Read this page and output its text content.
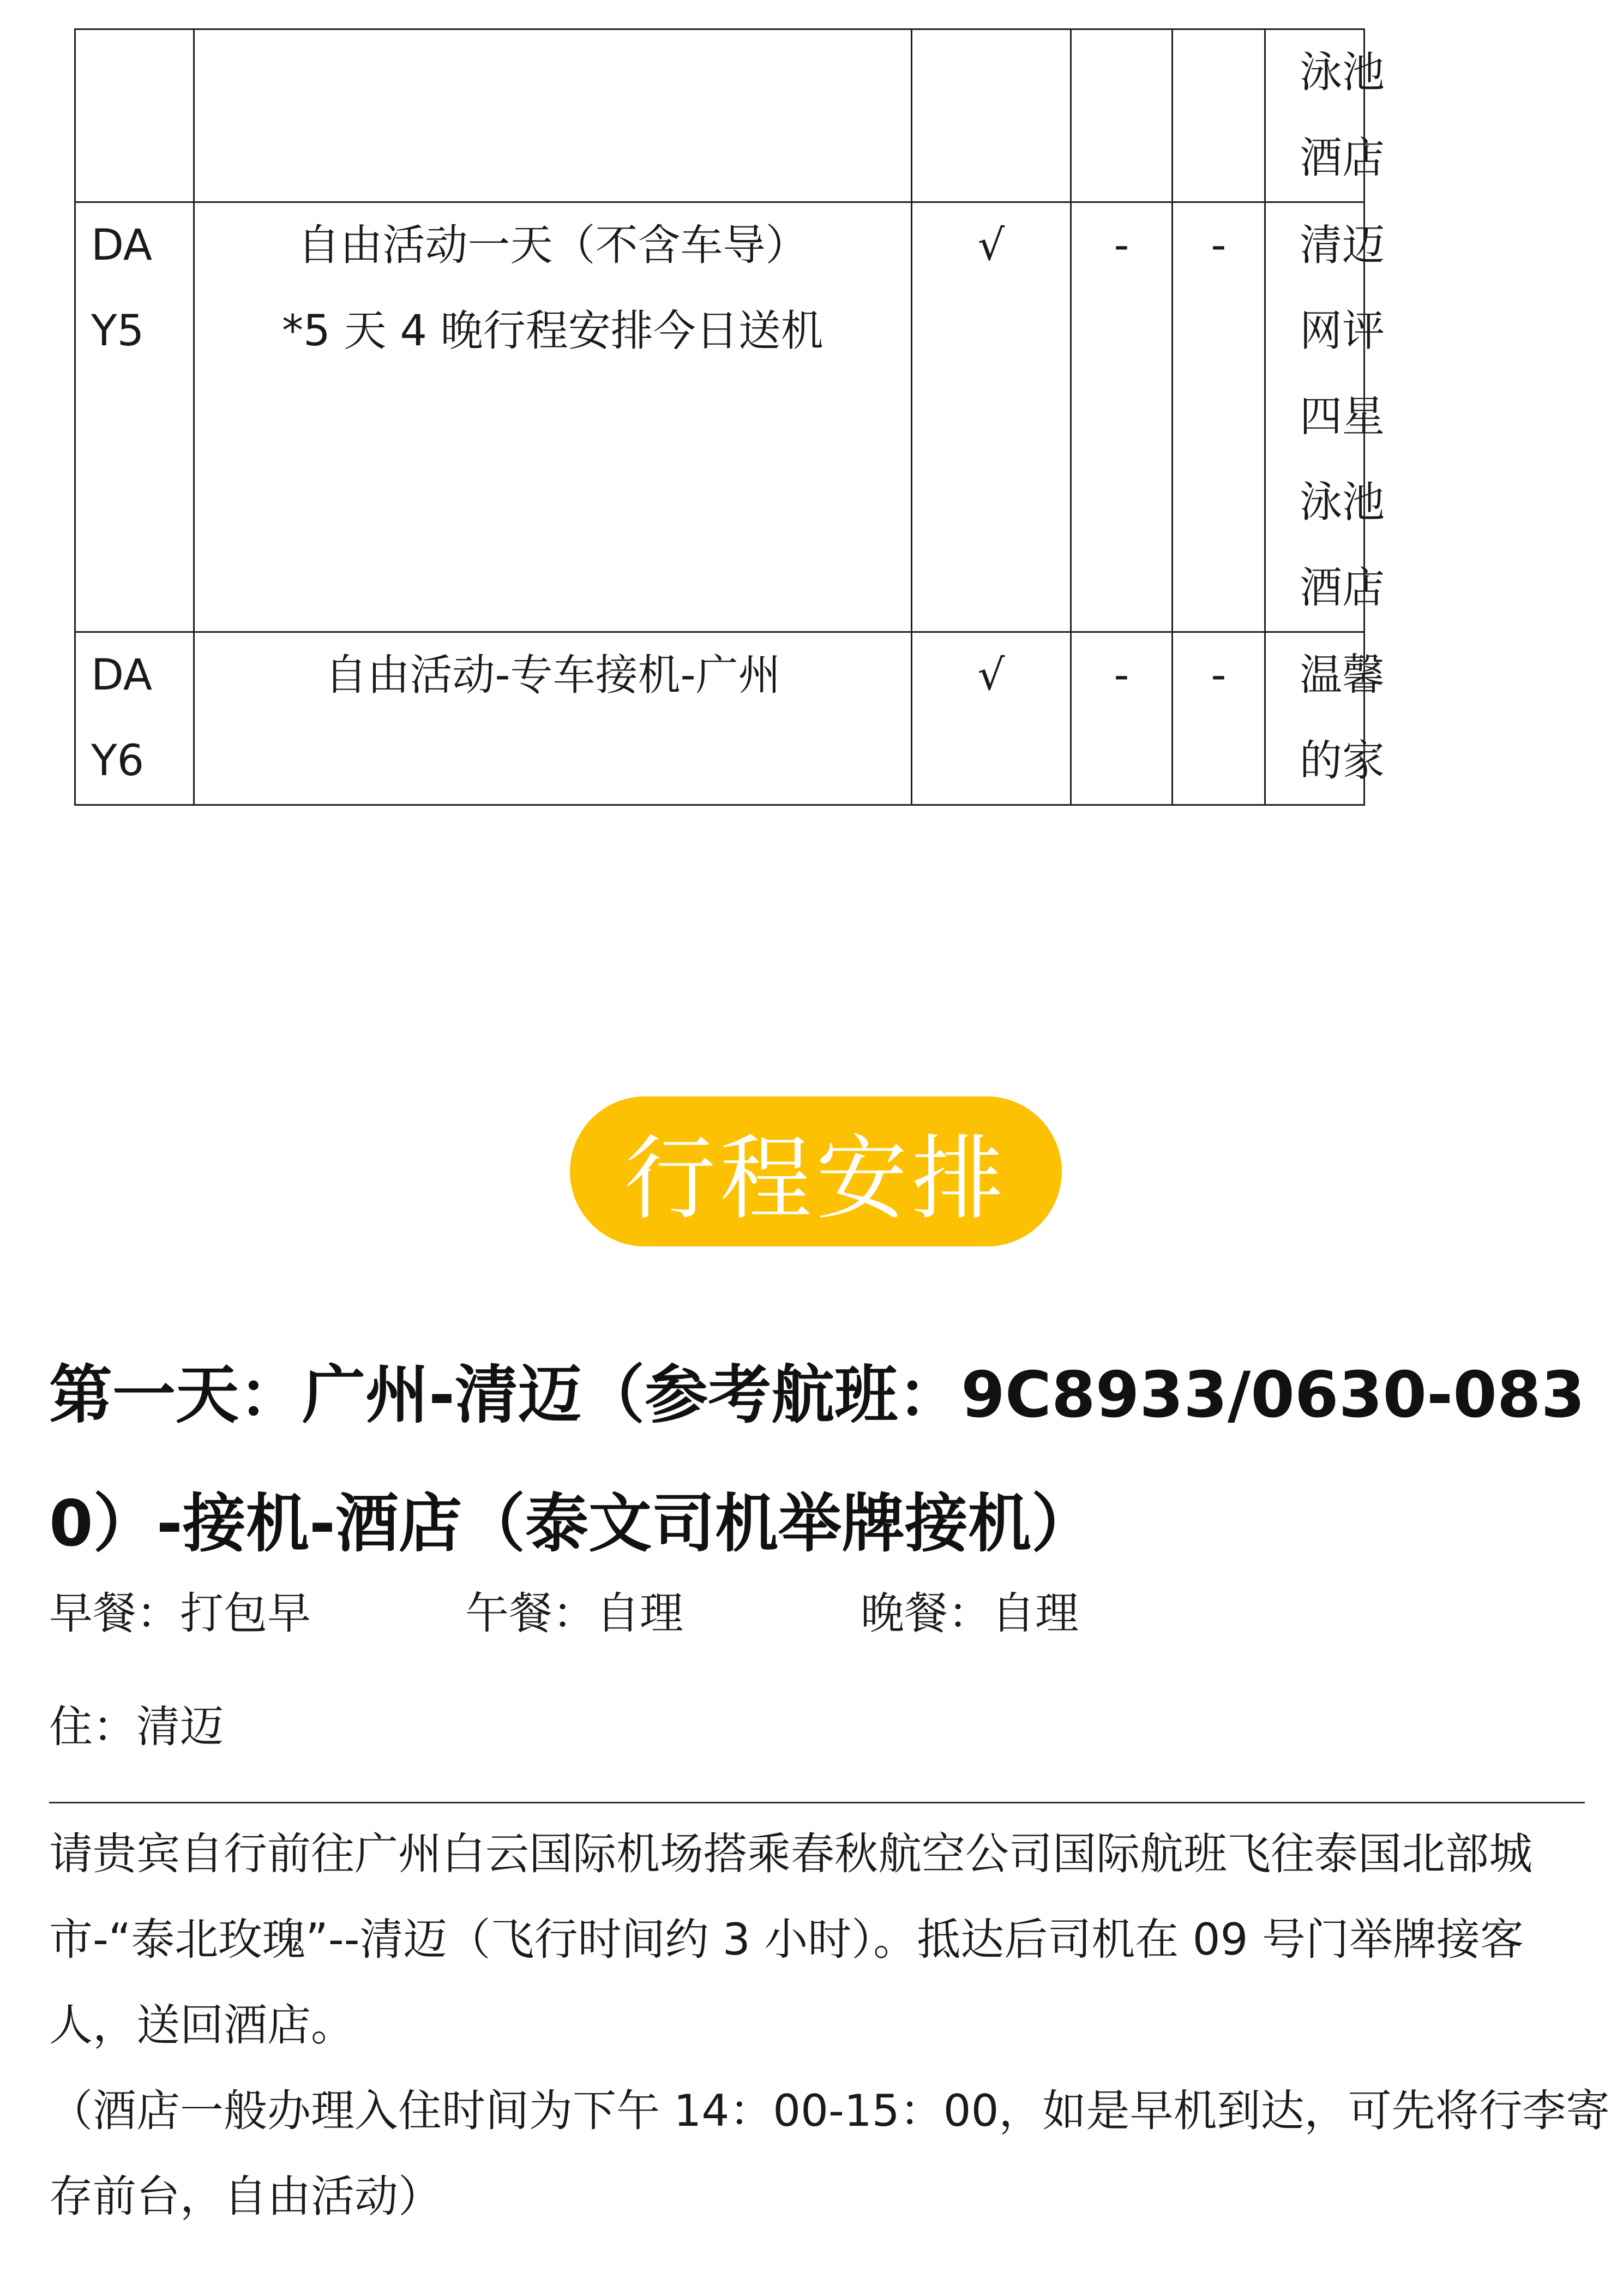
					泳池
酒店

DA
Y5	自由活动一天（不含车导）
*5 天 4 晚行程安排今日送机	√	-	-	清迈
网评
四星
泳池
酒店

DA
Y6	自由活动-专车接机-广州	√	-	-	温馨
的家
行程安排
第一天：广州-清迈（参考航班：9C8933/0630-083
0）-接机-酒店（泰文司机举牌接机）
早餐：打包早	午餐：自理	晚餐：自理
住：清迈
请贵宾自行前往广州白云国际机场搭乘春秋航空公司国际航班飞往泰国北部城
市-“泰北玫瑰”--清迈（飞行时间约 3 小时）。抵达后司机在 09 号门举牌接客
人，送回酒店。
（酒店一般办理入住时间为下午 14：00-15：00，如是早机到达，可先将行李寄
存前台，自由活动）
